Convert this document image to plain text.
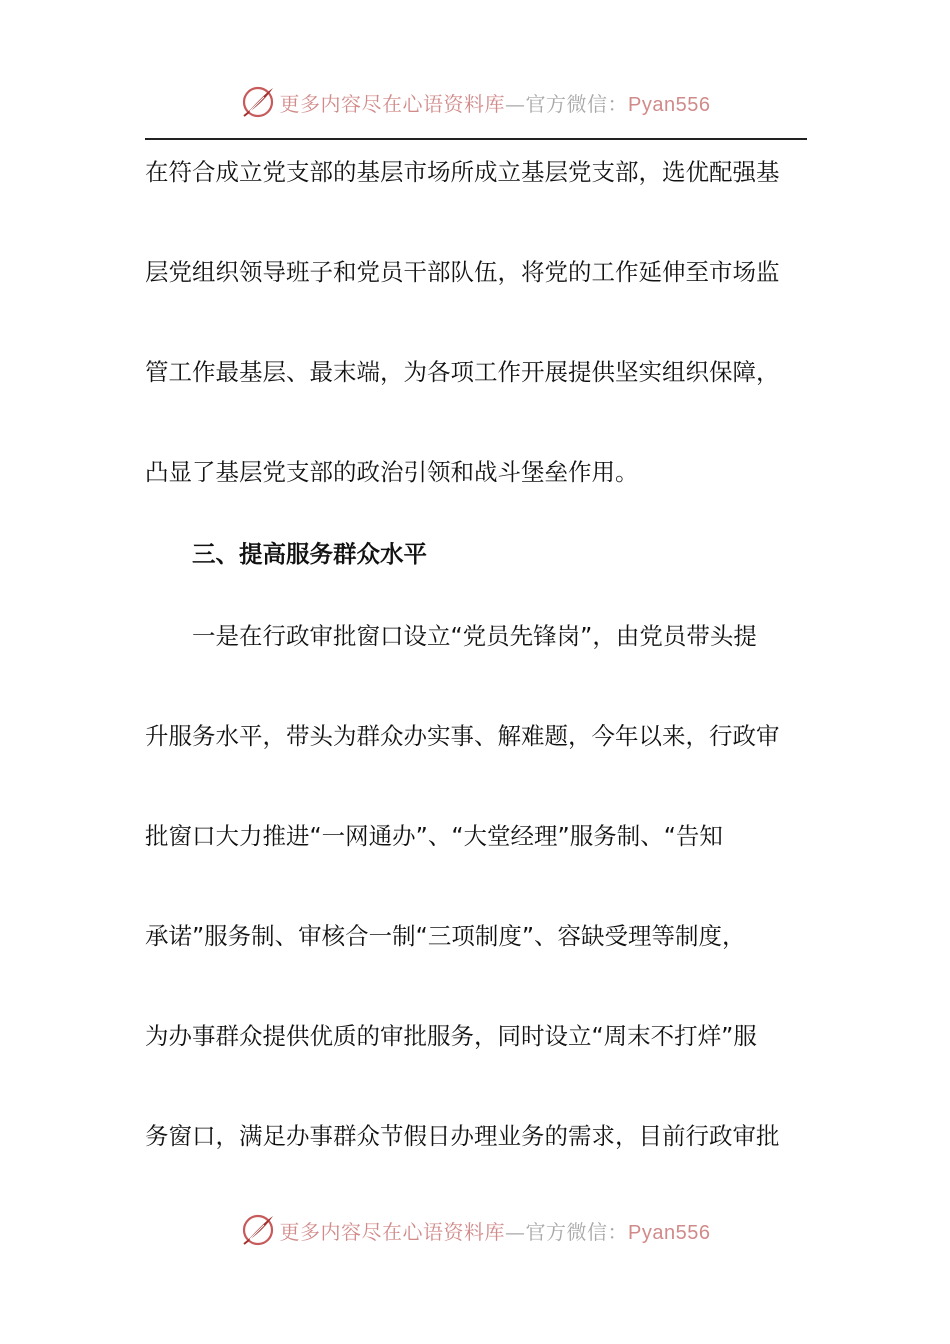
更多内容尽在心语资料库—官方微信：Pyan556
在符合成立党支部的基层市场所成立基层党支部，选优配强基
层党组织领导班子和党员干部队伍，将党的工作延伸至市场监
管工作最基层、最末端，为各项工作开展提供坚实组织保障，
凸显了基层党支部的政治引领和战斗堡垒作用。
三、提高服务群众水平
一是在行政审批窗口设立“党员先锋岗”，由党员带头提
升服务水平，带头为群众办实事、解难题，今年以来，行政审
批窗口大力推进“一网通办”、“大堂经理”服务制、“告知
承诺”服务制、审核合一制“三项制度”、容缺受理等制度，
为办事群众提供优质的审批服务，同时设立“周末不打烊”服
务窗口，满足办事群众节假日办理业务的需求，目前行政审批
更多内容尽在心语资料库—官方微信：Pyan556
